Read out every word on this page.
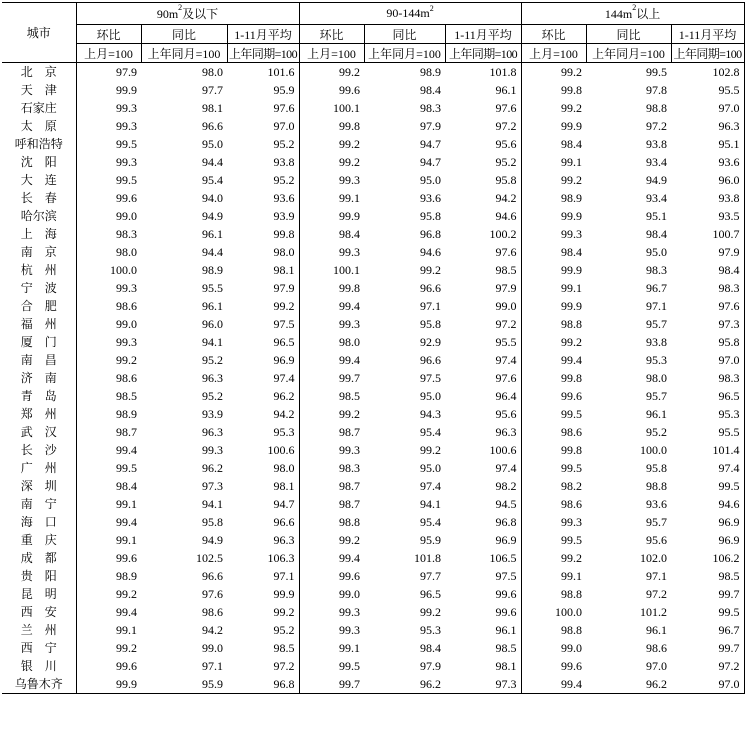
城市	$90m^2$及以下			$90-144m^2$			$144m^2$以上		
	环比	同比	1-11月平均	环比	同比	1-11月平均	环比	同比	1-11月平均
	上月=100	上年同月=100	上年同期=100	上月=100	上年同月=100	上年同期=100	上月=100	上年同月=100	上年同期=100
北　京	97.9	98.0	101.6	99.2	98.9	101.8	99.2	99.5	102.8
天　津	99.9	97.7	95.9	99.6	98.4	96.1	99.8	97.8	95.5
石家庄	99.3	98.1	97.6	100.1	98.3	97.6	99.2	98.8	97.0
太　原	99.3	96.6	97.0	99.8	97.9	97.2	99.9	97.2	96.3
呼和浩特	99.5	95.0	95.2	99.2	94.7	95.6	98.4	93.8	95.1
沈　阳	99.3	94.4	93.8	99.2	94.7	95.2	99.1	93.4	93.6
大　连	99.5	95.4	95.2	99.3	95.0	95.8	99.2	94.9	96.0
长　春	99.6	94.0	93.6	99.1	93.6	94.2	98.9	93.4	93.8
哈尔滨	99.0	94.9	93.9	99.9	95.8	94.6	99.9	95.1	93.5
上　海	98.3	96.1	99.8	98.4	96.8	100.2	99.3	98.4	100.7
南　京	98.0	94.4	98.0	99.3	94.6	97.6	98.4	95.0	97.9
杭　州	100.0	98.9	98.1	100.1	99.2	98.5	99.9	98.3	98.4
宁　波	99.3	95.5	97.9	99.8	96.6	97.9	99.1	96.7	98.3
合　肥	98.6	96.1	99.2	99.4	97.1	99.0	99.9	97.1	97.6
福　州	99.0	96.0	97.5	99.3	95.8	97.2	98.8	95.7	97.3
厦　门	99.3	94.1	96.5	98.0	92.9	95.5	99.2	93.8	95.8
南　昌	99.2	95.2	96.9	99.4	96.6	97.4	99.4	95.3	97.0
济　南	98.6	96.3	97.4	99.7	97.5	97.6	99.8	98.0	98.3
青　岛	98.5	95.2	96.2	98.5	95.0	96.4	99.6	95.7	96.5
郑　州	98.9	93.9	94.2	99.2	94.3	95.6	99.5	96.1	95.3
武　汉	98.7	96.3	95.3	98.7	95.4	96.3	98.6	95.2	95.5
长　沙	99.4	99.3	100.6	99.3	99.2	100.6	99.8	100.0	101.4
广　州	99.5	96.2	98.0	98.3	95.0	97.4	99.5	95.8	97.4
深　圳	98.4	97.3	98.1	98.7	97.4	98.2	98.2	98.8	99.5
南　宁	99.1	94.1	94.7	98.7	94.1	94.5	98.6	93.6	94.6
海　口	99.4	95.8	96.6	98.8	95.4	96.8	99.3	95.7	96.9
重　庆	99.1	94.9	96.3	99.2	95.9	96.9	99.5	95.6	96.9
成　都	99.6	102.5	106.3	99.4	101.8	106.5	99.2	102.0	106.2
贵　阳	98.9	96.6	97.1	99.6	97.7	97.5	99.1	97.1	98.5
昆　明	99.2	97.6	99.9	99.0	96.5	99.6	98.8	97.2	99.7
西　安	99.4	98.6	99.2	99.3	99.2	99.6	100.0	101.2	99.5
兰　州	99.1	94.2	95.2	99.3	95.3	96.1	98.8	96.1	96.7
西　宁	99.2	99.0	98.5	99.1	98.4	98.5	99.0	98.6	99.7
银　川	99.6	97.1	97.2	99.5	97.9	98.1	99.6	97.0	97.2
乌鲁木齐	99.9	95.9	96.8	99.7	96.2	97.3	99.4	96.2	97.0
